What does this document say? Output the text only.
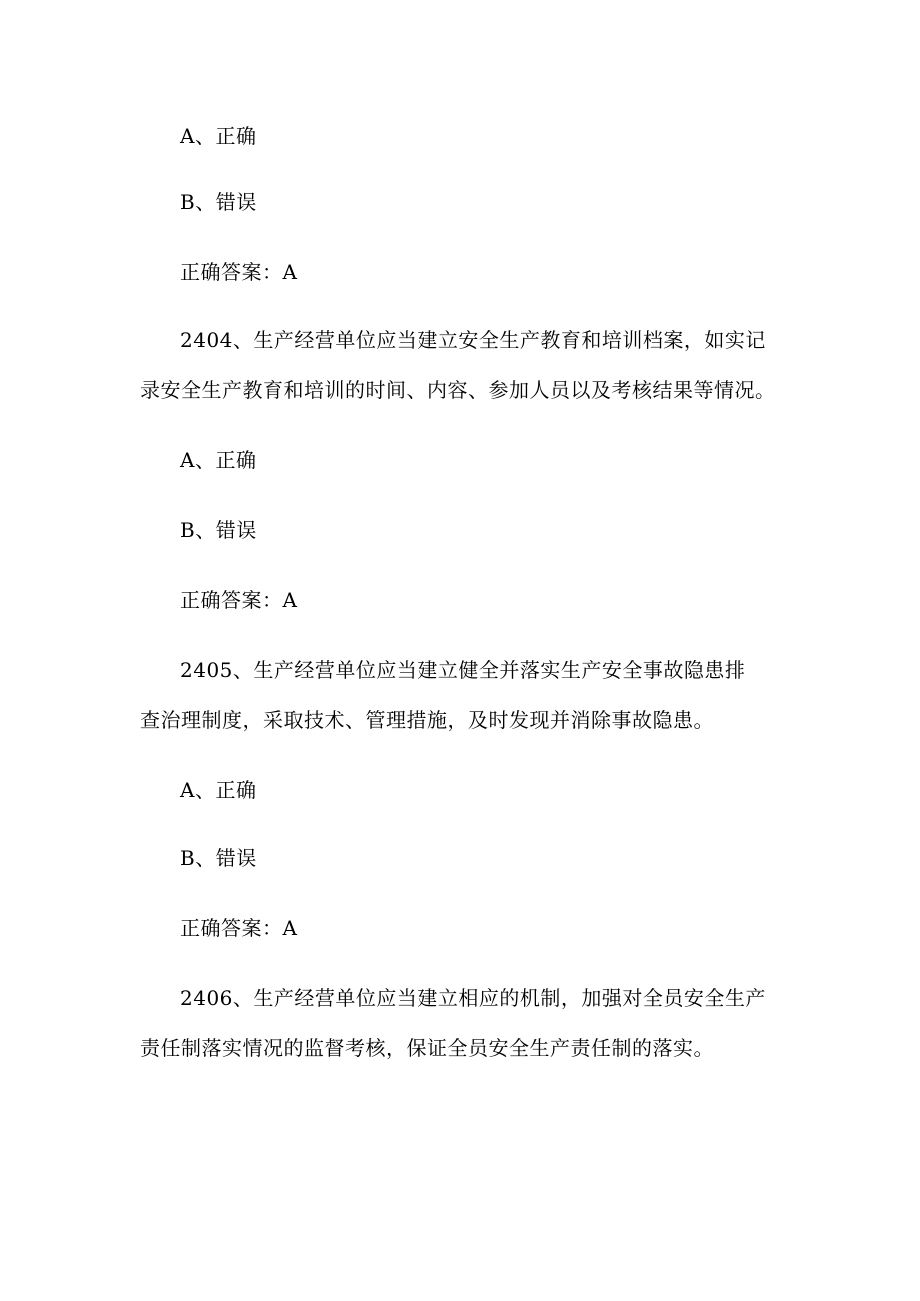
A、正确
B、错误
正确答案：A
2404、生产经营单位应当建立安全生产教育和培训档案，如实记
录安全生产教育和培训的时间、内容、参加人员以及考核结果等情况。
A、正确
B、错误
正确答案：A
2405、生产经营单位应当建立健全并落实生产安全事故隐患排
查治理制度，采取技术、管理措施，及时发现并消除事故隐患。
A、正确
B、错误
正确答案：A
2406、生产经营单位应当建立相应的机制，加强对全员安全生产
责任制落实情况的监督考核，保证全员安全生产责任制的落实。
